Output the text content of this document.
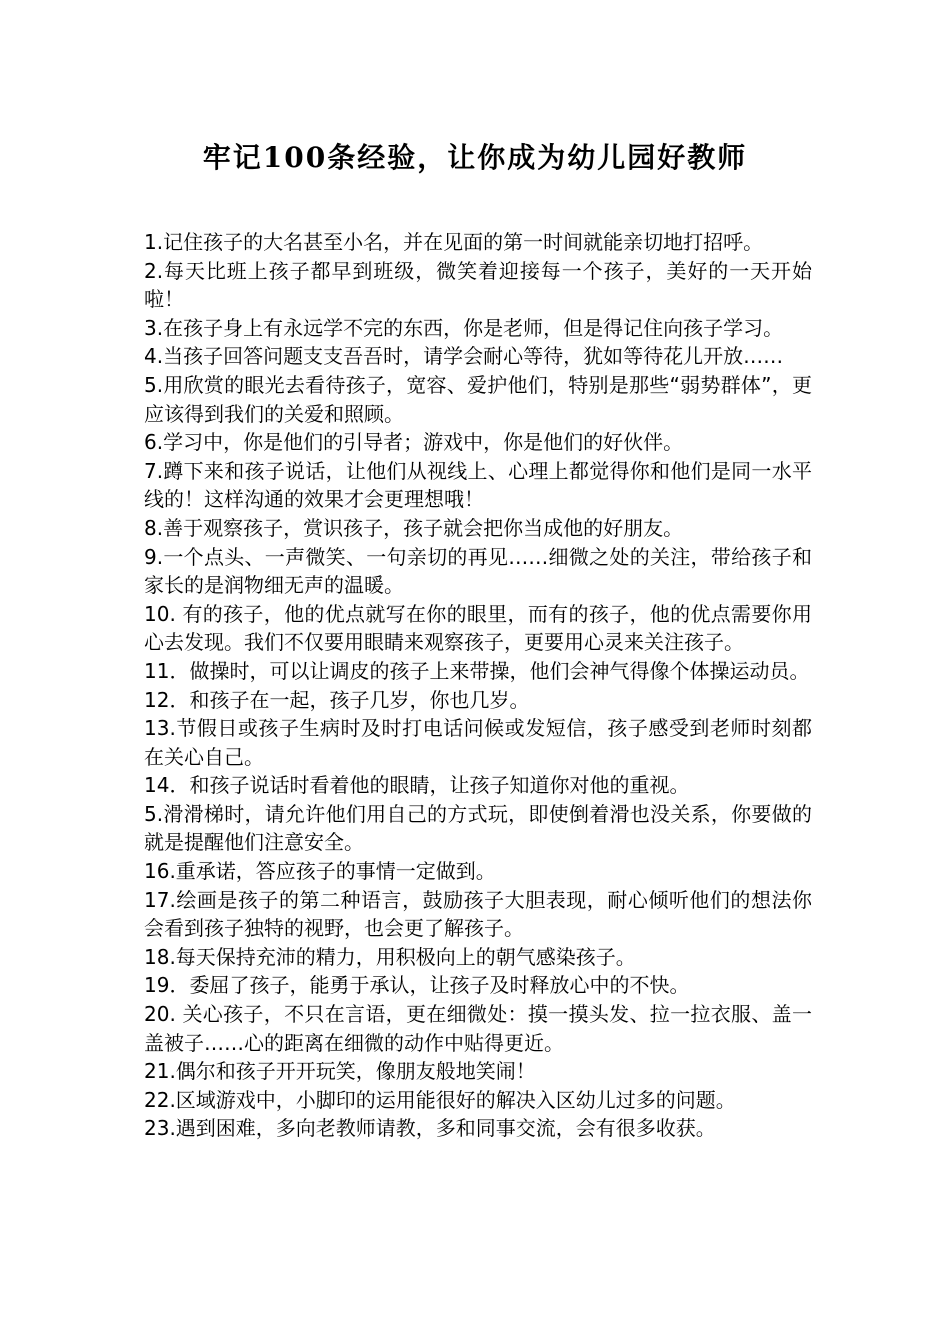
牢记100条经验，让你成为幼儿园好教师

1.记住孩子的大名甚至小名，并在见面的第一时间就能亲切地打招呼。

2.每天比班上孩子都早到班级，微笑着迎接每一个孩子，美好的一天开始啦！

3.在孩子身上有永远学不完的东西，你是老师，但是得记住向孩子学习。

4.当孩子回答问题支支吾吾时，请学会耐心等待，犹如等待花儿开放……

5.用欣赏的眼光去看待孩子，宽容、爱护他们，特别是那些“弱势群体”，更应该得到我们的关爱和照顾。

6.学习中，你是他们的引导者；游戏中，你是他们的好伙伴。

7.蹲下来和孩子说话，让他们从视线上、心理上都觉得你和他们是同一水平线的！这样沟通的效果才会更理想哦！

8.善于观察孩子，赏识孩子，孩子就会把你当成他的好朋友。

9.一个点头、一声微笑、一句亲切的再见……细微之处的关注，带给孩子和家长的是润物细无声的温暖。

10. 有的孩子，他的优点就写在你的眼里，而有的孩子，他的优点需要你用心去发现。我们不仅要用眼睛来观察孩子，更要用心灵来关注孩子。

11．做操时，可以让调皮的孩子上来带操，他们会神气得像个体操运动员。

12．和孩子在一起，孩子几岁，你也几岁。

13.节假日或孩子生病时及时打电话问候或发短信，孩子感受到老师时刻都在关心自己。

14．和孩子说话时看着他的眼睛，让孩子知道你对他的重视。

5.滑滑梯时，请允许他们用自己的方式玩，即使倒着滑也没关系，你要做的就是提醒他们注意安全。

16.重承诺，答应孩子的事情一定做到。

17.绘画是孩子的第二种语言，鼓励孩子大胆表现，耐心倾听他们的想法你会看到孩子独特的视野，也会更了解孩子。

18.每天保持充沛的精力，用积极向上的朝气感染孩子。

19．委屈了孩子，能勇于承认，让孩子及时释放心中的不快。

20. 关心孩子，不只在言语，更在细微处：摸一摸头发、拉一拉衣服、盖一盖被子……心的距离在细微的动作中贴得更近。

21.偶尔和孩子开开玩笑，像朋友般地笑闹！

22.区域游戏中，小脚印的运用能很好的解决入区幼儿过多的问题。

23.遇到困难，多向老教师请教，多和同事交流，会有很多收获。
